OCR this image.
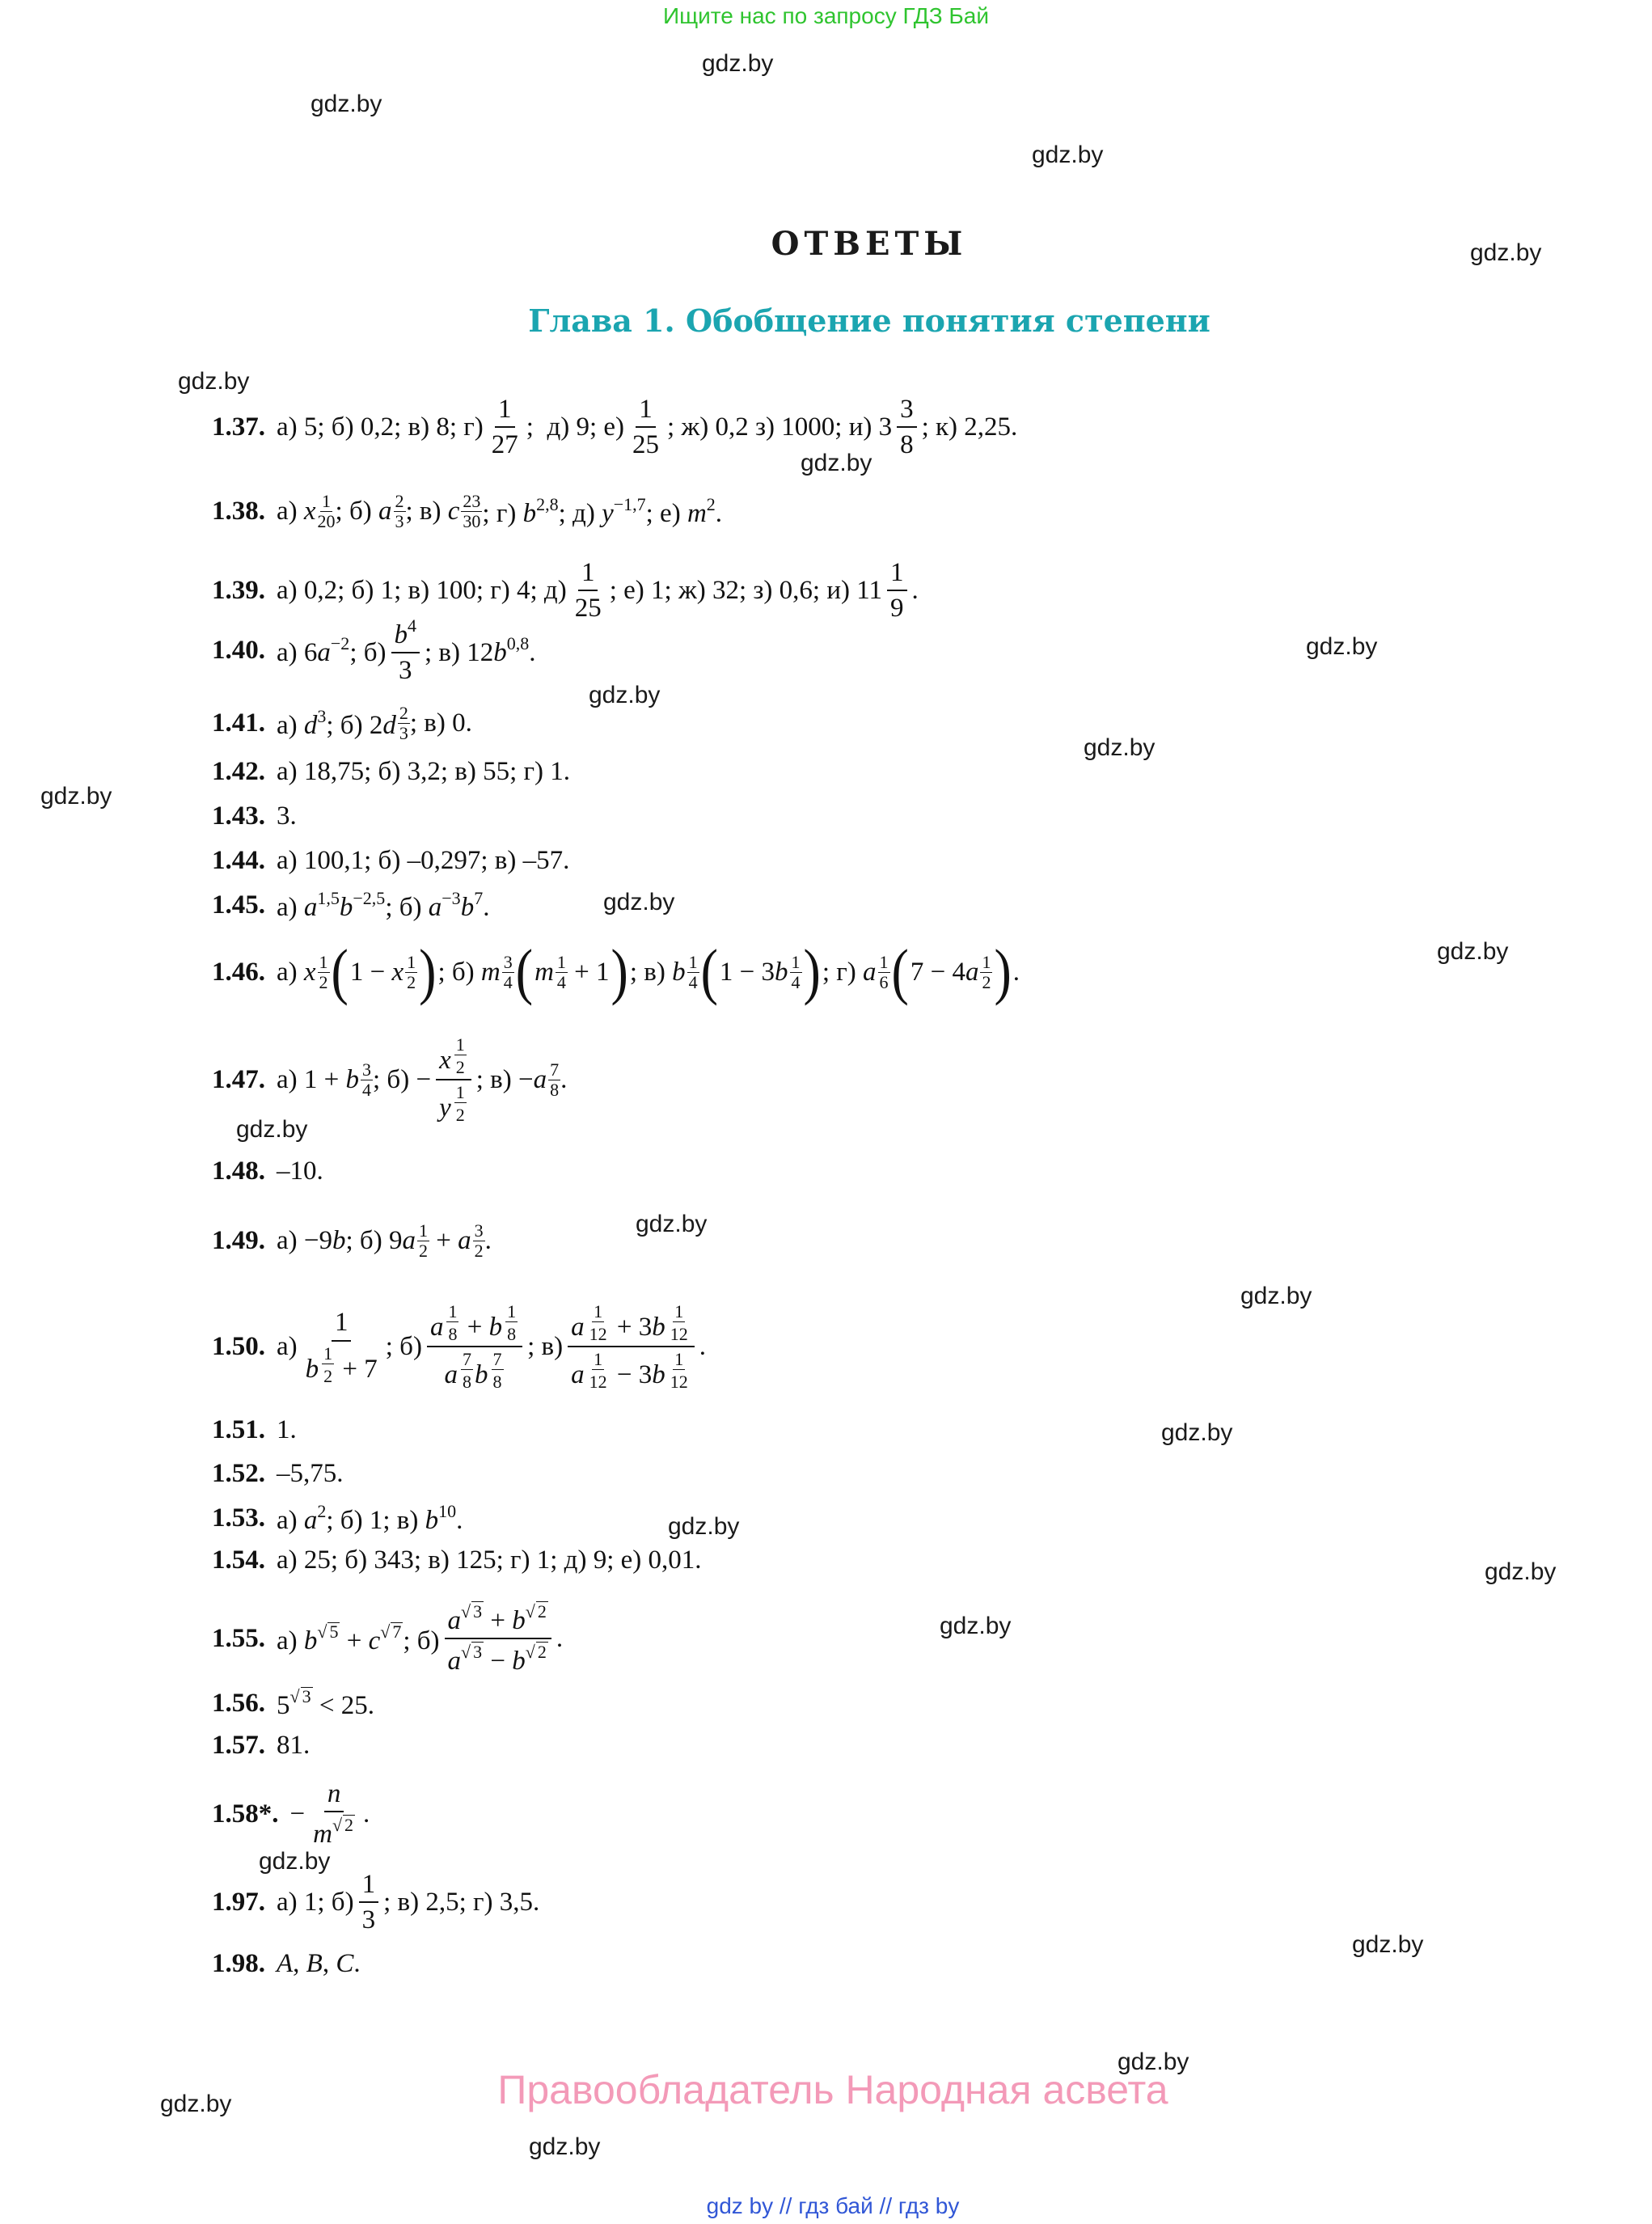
Ищите нас по запросу ГДЗ Бай
gdz.by
gdz.by
gdz.by
gdz.by
gdz.by
gdz.by
gdz.by
gdz.by
gdz.by
gdz.by
gdz.by
gdz.by
gdz.by
gdz.by
gdz.by
gdz.by
gdz.by
gdz.by
gdz.by
gdz.by
gdz.by
gdz.by
gdz.by
gdz.by
ОТВЕТЫ
Глава 1. Обобщение понятия степени
1.37. а) 5; б) 0,2; в) 8; $г) \frac{1}{27}$ ;  д) 9; $е) \frac{1}{25}$ ; ж) 0,2 з) 1000; и) $3 \frac{3}{8}$ ; к) 2,25.
1.38. а) x 1
20 ; б) a 2
3 ; в) c 23
30 ; г) $b^{2,8}$; д) $y^{-1,7}$; е) $m^2$.
1.39. а) 0,2; б) 1; в) 100; г) 4; $д) \frac{1}{25}$ ; е) 1; ж) 32; з) 0,6; и) $11 \frac{1}{9}$ .
1.40. а) $6a^{-2}$; $б) \frac{b^4}{3}$ ; в) $12b^{0,8}$.
1.41. а) $d^3$; б) 2d 2
3 ; в) 0.
1.42. а) 18,75; б) 3,2; в) 55; г) 1.
1.43. 3.
1.44. а) 100,1; б) –0,297; в) –57.
1.45. а) $a^{1,5}b^{-2,5}$; б) $a^{-3}b^7$.
1.46. а) x 1
2 ( 1 − x 1
2 ) ; б) m 3
4 ( m 1
4 + 1 ) ; в) b 1
4 ( 1 − 3b 1
4 ) ; г) a 1
6 ( 7 − 4a 1
2 ) .
1.47. а) 1 + b 3
4 ; $б) - \frac{x \frac{1}{2}}{y \frac{1}{2}}$ ; в) −a 7
8 .
1.48. –10.
1.49. а) −9b; б) 9a 1
2 + a 3
2 .
1.50. $а) \frac{1}{b \frac{1}{2} + 7}$ ; $б) \frac{a \frac{1}{8} + b \frac{1}{8}}{a \frac{7}{8} b \frac{7}{8}}$ ; $в) \frac{a \frac{1}{12} + 3b \frac{1}{12}}{a \frac{1}{12} - 3b \frac{1}{12}}$ .
1.51. 1.
1.52. –5,75.
1.53. а) $a^2$; б) 1; в) $b^{10}$.
1.54. а) 25; б) 343; в) 125; г) 1; д) 9; е) 0,01.
1.55. а) $b^{√ 5} + c^{√ 7}$; $б) \frac{a^{√ 3} + b^{√ 2}}{a^{√ 3} - b^{√ 2}}$ .
1.56. $5^{√ 3} < 25$.
1.57. 81.
1.58*. − $\frac{n}{m^{√ 2}}$ .
1.97. а) 1; $б) \frac{1}{3}$ ; в) 2,5; г) 3,5.
1.98. A, B, C.
Правообладатель Народная асвета
gdz by // гдз бай // гдз by
